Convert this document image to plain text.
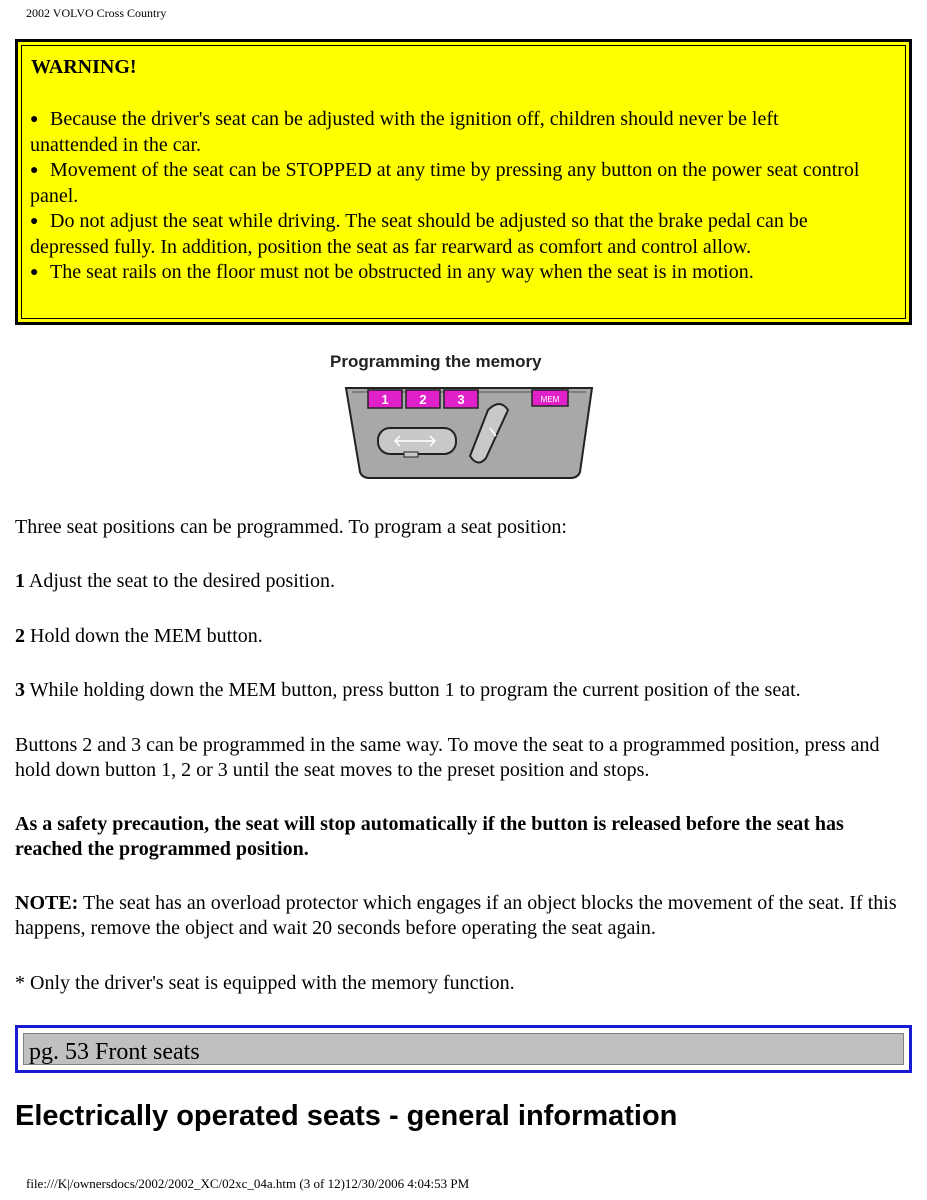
2002 VOLVO Cross Country
WARNING!

● Because the driver's seat can be adjusted with the ignition off, children should never be left unattended in the car.

● Movement of the seat can be STOPPED at any time by pressing any button on the power seat control panel.

● Do not adjust the seat while driving. The seat should be adjusted so that the brake pedal can be depressed fully. In addition, position the seat as far rearward as comfort and control allow.

● The seat rails on the floor must not be obstructed in any way when the seat is in motion.

Programming the memory
1 2 3	MEM

Three seat positions can be programmed. To program a seat position:

1 Adjust the seat to the desired position.

2 Hold down the MEM button.

3 While holding down the MEM button, press button 1 to program the current position of the seat.

Buttons 2 and 3 can be programmed in the same way. To move the seat to a programmed position, press and hold down button 1, 2 or 3 until the seat moves to the preset position and stops.

As a safety precaution, the seat will stop automatically if the button is released before the seat has reached the programmed position.

NOTE: The seat has an overload protector which engages if an object blocks the movement of the seat. If this happens, remove the object and wait 20 seconds before operating the seat again.

* Only the driver's seat is equipped with the memory function.

pg. 53 Front seats
Electrically operated seats - general information
file:///K|/ownersdocs/2002/2002_XC/02xc_04a.htm (3 of 12)12/30/2006 4:04:53 PM
